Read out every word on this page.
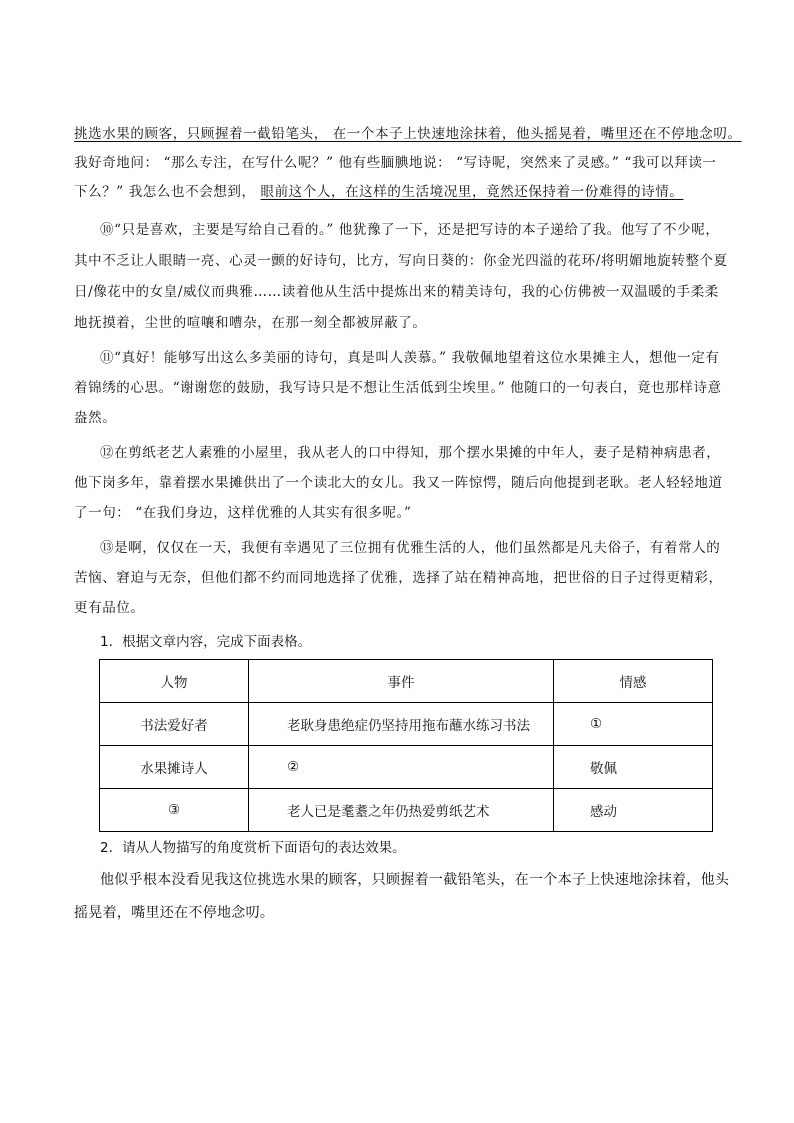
挑选水果的顾客，只顾握着一截铅笔头， 在一个本子上快速地涂抹着，他头摇晃着，嘴里还在不停地念叨。
我好奇地问： “那么专注，在写什么呢？” 他有些腼腆地说： “写诗呢，突然来了灵感。” “我可以拜读一
下么？” 我怎么也不会想到， 眼前这个人，在这样的生活境况里，竟然还保持着一份难得的诗情。
⑩“只是喜欢，主要是写给自己看的。” 他犹豫了一下，还是把写诗的本子递给了我。他写了不少呢，
其中不乏让人眼睛一亮、心灵一颤的好诗句，比方，写向日葵的：你金光四溢的花环/将明媚地旋转整个夏
日/像花中的女皇/威仪而典雅……读着他从生活中提炼出来的精美诗句，我的心仿佛被一双温暖的手柔柔
地抚摸着，尘世的喧嚷和嘈杂，在那一刻全都被屏蔽了。
⑪“真好！能够写出这么多美丽的诗句，真是叫人羡慕。” 我敬佩地望着这位水果摊主人，想他一定有
着锦绣的心思。“谢谢您的鼓励，我写诗只是不想让生活低到尘埃里。” 他随口的一句表白，竟也那样诗意
盎然。
⑫在剪纸老艺人素雅的小屋里，我从老人的口中得知，那个摆水果摊的中年人，妻子是精神病患者，
他下岗多年，靠着摆水果摊供出了一个读北大的女儿。我又一阵惊愕，随后向他提到老耿。老人轻轻地道
了一句： “在我们身边，这样优雅的人其实有很多呢。”
⑬是啊，仅仅在一天，我便有幸遇见了三位拥有优雅生活的人，他们虽然都是凡夫俗子，有着常人的
苦恼、窘迫与无奈，但他们都不约而同地选择了优雅，选择了站在精神高地，把世俗的日子过得更精彩，
更有品位。
1．根据文章内容，完成下面表格。
人物	事件	情感
书法爱好者	老耿身患绝症仍坚持用拖布蘸水练习书法	①
水果摊诗人	②	敬佩
③	老人已是耄耋之年仍热爱剪纸艺术	感动
2．请从人物描写的角度赏析下面语句的表达效果。
他似乎根本没看见我这位挑选水果的顾客，只顾握着一截铅笔头，在一个本子上快速地涂抹着，他头
摇晃着，嘴里还在不停地念叨。
